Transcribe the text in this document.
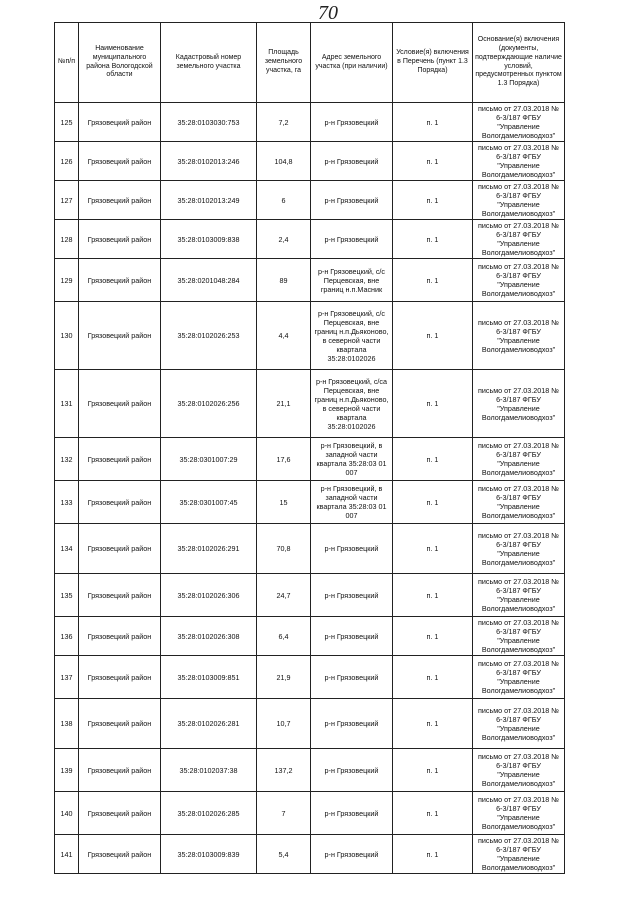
70
№п/п	Наименование муниципального района Вологодской области	Кадастровый номер земельного участка	Площадь земельного участка, га	Адрес земельного участка (при наличии)	Условие(я) включения в Перечень (пункт 1.3 Порядка)	Основание(я) включения (документы, подтверждающие наличие условий, предусмотренных пунктом 1.3 Порядка)
125	Грязовецкий район	35:28:0103030:753	7,2	р-н Грязовецкий	п. 1	письмо от 27.03.2018 № 6-3/187 ФГБУ "Управление Вологдамелиоводхоз"
126	Грязовецкий район	35:28:0102013:246	104,8	р-н Грязовецкий	п. 1	письмо от 27.03.2018 № 6-3/187 ФГБУ "Управление Вологдамелиоводхоз"
127	Грязовецкий район	35:28:0102013:249	6	р-н Грязовецкий	п. 1	письмо от 27.03.2018 № 6-3/187 ФГБУ "Управление Вологдамелиоводхоз"
128	Грязовецкий район	35:28:0103009:838	2,4	р-н Грязовецкий	п. 1	письмо от 27.03.2018 № 6-3/187 ФГБУ "Управление Вологдамелиоводхоз"
129	Грязовецкий район	35:28:0201048:284	89	р-н Грязовецкий, с/с Перцевская, вне границ н.п.Масник	п. 1	письмо от 27.03.2018 № 6-3/187 ФГБУ "Управление Вологдамелиоводхоз"
130	Грязовецкий район	35:28:0102026:253	4,4	р-н Грязовецкий, с/с Перцевская, вне границ н.п.Дьяконово, в северной части квартала 35:28:0102026	п. 1	письмо от 27.03.2018 № 6-3/187 ФГБУ "Управление Вологдамелиоводхоз"
131	Грязовецкий район	35:28:0102026:256	21,1	р-н Грязовецкий, с/са Перцевская, вне границ н.п.Дьяконово, в северной части квартала 35:28:0102026	п. 1	письмо от 27.03.2018 № 6-3/187 ФГБУ "Управление Вологдамелиоводхоз"
132	Грязовецкий район	35:28:0301007:29	17,6	р-н Грязовецкий, в западной части квартала 35:28:03 01 007	п. 1	письмо от 27.03.2018 № 6-3/187 ФГБУ "Управление Вологдамелиоводхоз"
133	Грязовецкий район	35:28:0301007:45	15	р-н Грязовецкий, в западной части квартала 35:28:03 01 007	п. 1	письмо от 27.03.2018 № 6-3/187 ФГБУ "Управление Вологдамелиоводхоз"
134	Грязовецкий район	35:28:0102026:291	70,8	р-н Грязовецкий	п. 1	письмо от 27.03.2018 № 6-3/187 ФГБУ "Управление Вологдамелиоводхоз"
135	Грязовецкий район	35:28:0102026:306	24,7	р-н Грязовецкий	п. 1	письмо от 27.03.2018 № 6-3/187 ФГБУ "Управление Вологдамелиоводхоз"
136	Грязовецкий район	35:28:0102026:308	6,4	р-н Грязовецкий	п. 1	письмо от 27.03.2018 № 6-3/187 ФГБУ "Управление Вологдамелиоводхоз"
137	Грязовецкий район	35:28:0103009:851	21,9	р-н Грязовецкий	п. 1	письмо от 27.03.2018 № 6-3/187 ФГБУ "Управление Вологдамелиоводхоз"
138	Грязовецкий район	35:28:0102026:281	10,7	р-н Грязовецкий	п. 1	письмо от 27.03.2018 № 6-3/187 ФГБУ "Управление Вологдамелиоводхоз"
139	Грязовецкий район	35:28:0102037:38	137,2	р-н Грязовецкий	п. 1	письмо от 27.03.2018 № 6-3/187 ФГБУ "Управление Вологдамелиоводхоз"
140	Грязовецкий район	35:28:0102026:285	7	р-н Грязовецкий	п. 1	письмо от 27.03.2018 № 6-3/187 ФГБУ "Управление Вологдамелиоводхоз"
141	Грязовецкий район	35:28:0103009:839	5,4	р-н Грязовецкий	п. 1	письмо от 27.03.2018 № 6-3/187 ФГБУ "Управление Вологдамелиоводхоз"
